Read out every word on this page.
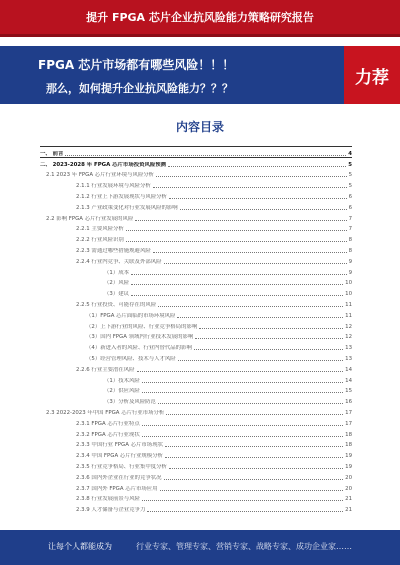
提升 FPGA 芯片企业抗风险能力策略研究报告
FPGA 芯片市场都有哪些风险！！！
那么，如何提升企业抗风险能力？？？
力荐
内容目录
一、 前言	4
二、 2023-2028 年 FPGA 芯片市场投资风险预测	5
2.1 2023 年 FPGA 芯片行业环境与风险分析	5
2.1.1 行业发展环境与风险分析	5
2.1.2 行业上下游发展现状与风险分析	6
2.1.3 产业政策变化对行业发展风险的影响	6
2.2 影响 FPGA 芯片行业发展的风险	7
2.2.1 主要风险分析	7
2.2.2 行业风险识别	8
2.2.3 需通过哪些措施规避风险	8
2.2.4 行业内竞争、关联及外部风险	9
（1）成本	9
（2）风险	10
（3）建议	10
2.2.5 行业投资、可能存在的风险	11
（1）FPGA 芯片面临的市场环境风险	11
（2）上下游行业的风险、行业竞争格局的影响	12
（3）国内 FPGA 领域内行业技术发展的影响	12
（4）新进入者的风险、行业内替代品的影响	13
（5）经营管理风险、技术与人才风险	13
2.2.6 行业主要潜在风险	14
（1）技术风险	14
（2）供应风险	15
（3）分析及风险防范	16
2.3 2022-2023 年中国 FPGA 芯片行业市场分析	17
2.3.1 FPGA 芯片行业特点	17
2.3.2 FPGA 芯片行业现状	18
2.3.3 中国行业 FPGA 芯片市场现状	18
2.3.4 中国 FPGA 芯片行业规模分析	19
2.3.5 行业竞争格局、行业集中度分析	19
2.3.6 国内外企业在行业的竞争状况	20
2.3.7 国内外 FPGA 芯片市场应用	20
2.3.8 行业发展前景与风险	21
2.3.9 人才储备与企业竞争力	21
让每个人都能成为	行业专家、管理专家、营销专家、战略专家、成功企业家……
